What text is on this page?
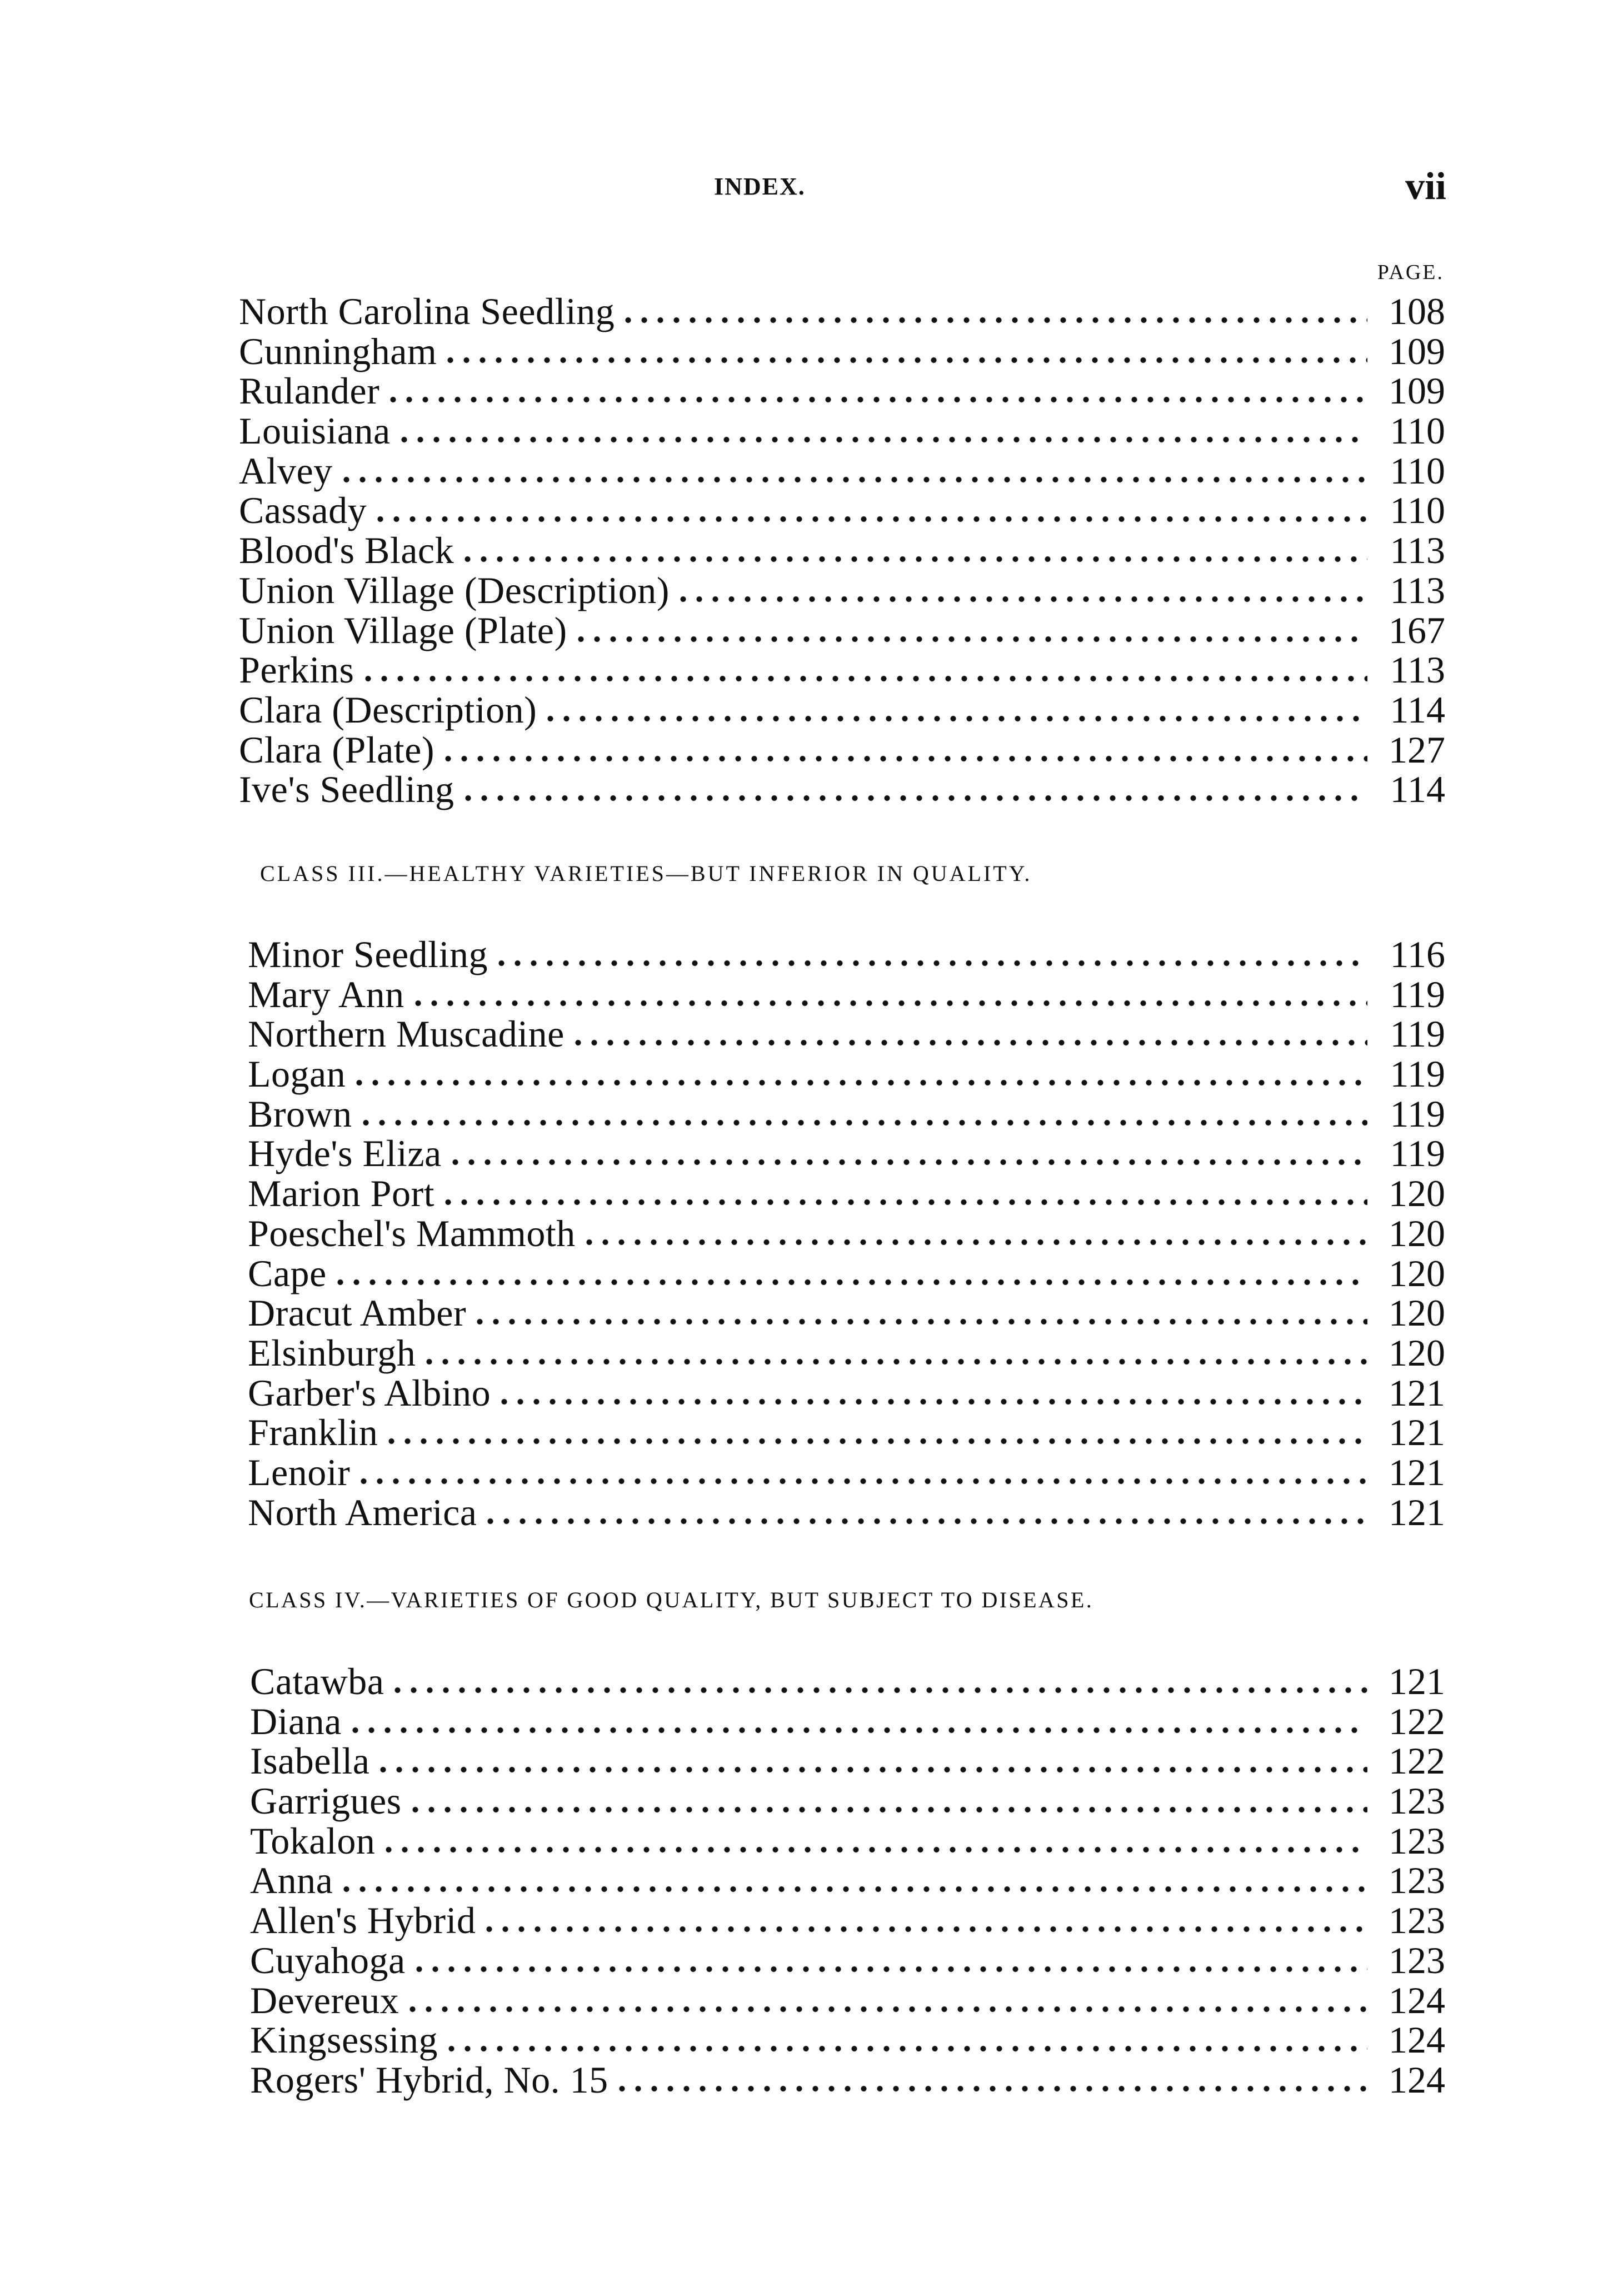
INDEX.	vii
PAGE.
North Carolina Seedling	108
Cunningham	109
Rulander	109
Louisiana	110
Alvey	110
Cassady	110
Blood's Black	113
Union Village (Description)	113
Union Village (Plate)	167
Perkins	113
Clara (Description)	114
Clara (Plate)	127
Ive's Seedling	114
CLASS III.—HEALTHY VARIETIES—BUT INFERIOR IN QUALITY.
Minor Seedling	116
Mary Ann	119
Northern Muscadine	119
Logan	119
Brown	119
Hyde's Eliza	119
Marion Port	120
Poeschel's Mammoth	120
Cape	120
Dracut Amber	120
Elsinburgh	120
Garber's Albino	121
Franklin	121
Lenoir	121
North America	121
CLASS IV.—VARIETIES OF GOOD QUALITY, BUT SUBJECT TO DISEASE.
Catawba	121
Diana	122
Isabella	122
Garrigues	123
Tokalon	123
Anna	123
Allen's Hybrid	123
Cuyahoga	123
Devereux	124
Kingsessing	124
Rogers' Hybrid, No. 15	124
